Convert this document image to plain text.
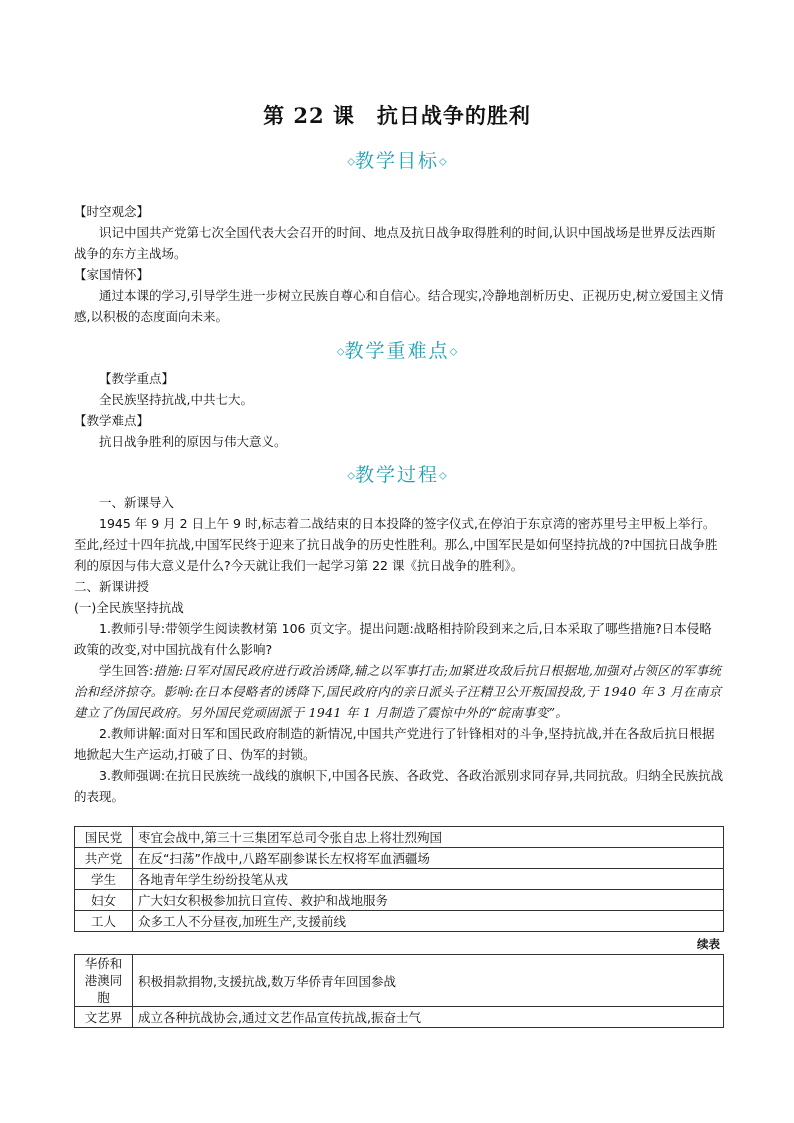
第 22 课　抗日战争的胜利
◇教学目标◇

【时空观念】

识记中国共产党第七次全国代表大会召开的时间、地点及抗日战争取得胜利的时间,认识中国战场是世界反法西斯战争的东方主战场。

【家国情怀】

通过本课的学习,引导学生进一步树立民族自尊心和自信心。结合现实,冷静地剖析历史、正视历史,树立爱国主义情感,以积极的态度面向未来。

◇教学重难点◇

【教学重点】

全民族坚持抗战,中共七大。

【教学难点】

抗日战争胜利的原因与伟大意义。

◇教学过程◇

一、新课导入

1945 年 9 月 2 日上午 9 时,标志着二战结束的日本投降的签字仪式,在停泊于东京湾的密苏里号主甲板上举行。至此,经过十四年抗战,中国军民终于迎来了抗日战争的历史性胜利。那么,中国军民是如何坚持抗战的?中国抗日战争胜利的原因与伟大意义是什么?今天就让我们一起学习第 22 课《抗日战争的胜利》。

二、新课讲授

(一)全民族坚持抗战

1.教师引导:带领学生阅读教材第 106 页文字。提出问题:战略相持阶段到来之后,日本采取了哪些措施?日本侵略政策的改变,对中国抗战有什么影响?

学生回答:措施:日军对国民政府进行政治诱降,辅之以军事打击;加紧进攻敌后抗日根据地,加强对占领区的军事统治和经济掠夺。影响:在日本侵略者的诱降下,国民政府内的亲日派头子汪精卫公开叛国投敌,于 1940 年 3 月在南京建立了伪国民政府。另外国民党顽固派于 1941 年 1 月制造了震惊中外的“皖南事变”。

2.教师讲解:面对日军和国民政府制造的新情况,中国共产党进行了针锋相对的斗争,坚持抗战,并在各敌后抗日根据地掀起大生产运动,打破了日、伪军的封锁。

3.教师强调:在抗日民族统一战线的旗帜下,中国各民族、各政党、各政治派别求同存异,共同抗敌。归纳全民族抗战的表现。

国民党	枣宜会战中,第三十三集团军总司令张自忠上将壮烈殉国
共产党	在反“扫荡”作战中,八路军副参谋长左权将军血洒疆场
学生	各地青年学生纷纷投笔从戎
妇女	广大妇女积极参加抗日宣传、救护和战地服务
工人	众多工人不分昼夜,加班生产,支援前线
续表
华侨和港澳同胞	积极捐款捐物,支援抗战,数万华侨青年回国参战
文艺界	成立各种抗战协会,通过文艺作品宣传抗战,振奋士气
